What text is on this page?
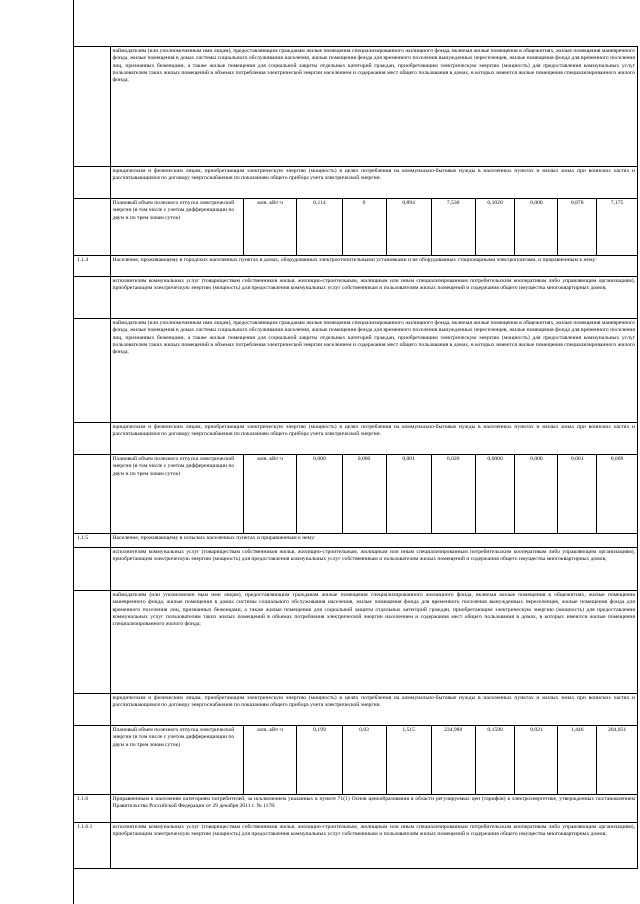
	наймодателям (или уполномоченным ими лицам), предоставляющим гражданам жилые помещения специализированного жилищного фонда, включая жилые помещения в общежитиях, жилые помещения маневренного фонда, жилые помещения в домах системы социального обслуживания населения, жилые помещения фонда для временного поселения вынужденных переселенцев, жилые помещения фонда для временного поселения лиц, признанных беженцами, а также жилые помещения для социальной защиты отдельных категорий граждан, приобретающим электрическую энергию (мощность) для предоставления коммунальных услуг пользователям таких жилых помещений в объемах потребления электрической энергии населением и содержания мест общего пользования в домах, в которых имеются жилые помещения специализированного жилого фонда;									
	юридическим и физическим лицам, приобретающим электрическую энергию (мощность) в целях потребления на коммунально-бытовые нужды в населенных пунктах и жилых зонах при воинских частях и рассчитывающимся по договору энергоснабжения по показаниям общего прибора учета электрической энергии.									
	Плановый объем полезного отпуска электрической энергии (в том числе с учетом дифференциации по двум и по трем зонам суток)	млн. кВт·ч	0,114	0	0,894	7,530	0,1020	0,000	0,878	7,175
1.1.4	Население, проживающему в городских населенных пунктах в домах, оборудованных электроотопительными установками и не оборудованных стационарными электроплитами, и приравненным к нему:									
	исполнителям коммунальных услуг (товариществам собственников жилья, жилищно-строительным, жилищным или иным специализированным потребительским кооперативам либо управляющим организациям), приобретающим электрическую энергию (мощность) для предоставления коммунальных услуг собственникам и пользователям жилых помещений и содержания общего имущества многоквартирных домов;									
	наймодателям (или уполномоченным ими лицам), предоставляющим гражданам жилые помещения специализированного жилищного фонда, включая жилые помещения в общежитиях, жилые помещения маневренного фонда, жилые помещения в домах системы социального обслуживания населения, жилые помещения фонда для временного поселения вынужденных переселенцев, жилые помещения фонда для временного поселения лиц, признанных беженцами, а также жилые помещения для социальной защиты отдельных категорий граждан, приобретающим электрическую энергию (мощность) для предоставления коммунальных услуг пользователям таких жилых помещений в объемах потребления электрической энергии населением и содержания мест общего пользования в домах, в которых имеются жилые помещения специализированного жилого фонда;									
	юридическим и физическим лицам, приобретающим электрическую энергию (мощность) в целях потребления на коммунально-бытовые нужды в населенных пунктах и жилых зонах при воинских частях и рассчитывающимся по договору энергоснабжения по показаниям общего прибора учета электрической энергии.									
	Плановый объем полезного отпуска электрической энергии (в том числе с учетом дифференциации по двум и по трем зонам суток)	млн. кВт·ч	0,000	0,000	0,001	0,020	0,0000	0,000	0,001	0,009
1.1.5	Население, проживающему в сельских населенных пунктах и приравненным к нему:									
	исполнителям коммунальных услуг (товариществам собственников жилья, жилищно-строительным, жилищным или иным специализированным потребительским кооперативам либо управляющим организациям), приобретающим электрическую энергию (мощность) для предоставления коммунальных услуг собственникам и пользователям жилых помещений и содержания общего имущества многоквартирных домов;									
	наймодателям (или уполномочен ным ими лицам), предоставляющим гражданам жилые помещения специализированного жилищного фонда, включая жилые помещения в общежитиях, жилые помещения маневренного фонда, жилые помещения в домах системы социального обслуживания населения, жилые помещения фонда для временного поселения вынужденных переселенцев, жилые помещения фонда для временного поселения лиц, признанных беженцами, а также жилые помещения для социальной защиты отдельных категорий граждан, приобретающим электрическую энергию (мощность) для предоставления коммунальных услуг пользователям таких жилых помещений в объемах потребления электрической энергии населением и содержания мест общего пользования в домах, в которых имеются жилые помещения специализированного жилого фонда;									
	юридическим и физическим лицам, приобретающим электрическую энергию (мощность) в целях потребления на коммунально-бытовые нужды в населенных пунктах и жилых зонах при воинских частях и рассчитывающимся по договору энергоснабжения по показаниям общего прибора учета электрической энергии.									
	Плановый объем полезного отпуска электрической энергии (в том числе с учетом дифференциации по двум и по трем зонам суток)	млн. кВт·ч	0,199	0,03	1,515	234,980	0,1590	0,021	1,446	204,051
1.1.6	Приравненным к населению категориям потребителей, за исключением указанных в пункте 71(1) Основ ценообразования в области регулируемых цен (тарифов) в электроэнергетике, утвержденных постановлением Правительства Российской Федерации от 29 декабря 2011 г. № 1178:									
1.1.6.1	исполнителям коммунальных услуг (товариществам собственников жилья, жилищно-строительным, жилищным или иным специализированным потребительским кооперативам либо управляющим организациям), приобретающим электрическую энергию (мощность) для предоставления коммунальных услуг собственникам и пользователям жилых помещений и содержания общего имущества многоквартирных домов;									
